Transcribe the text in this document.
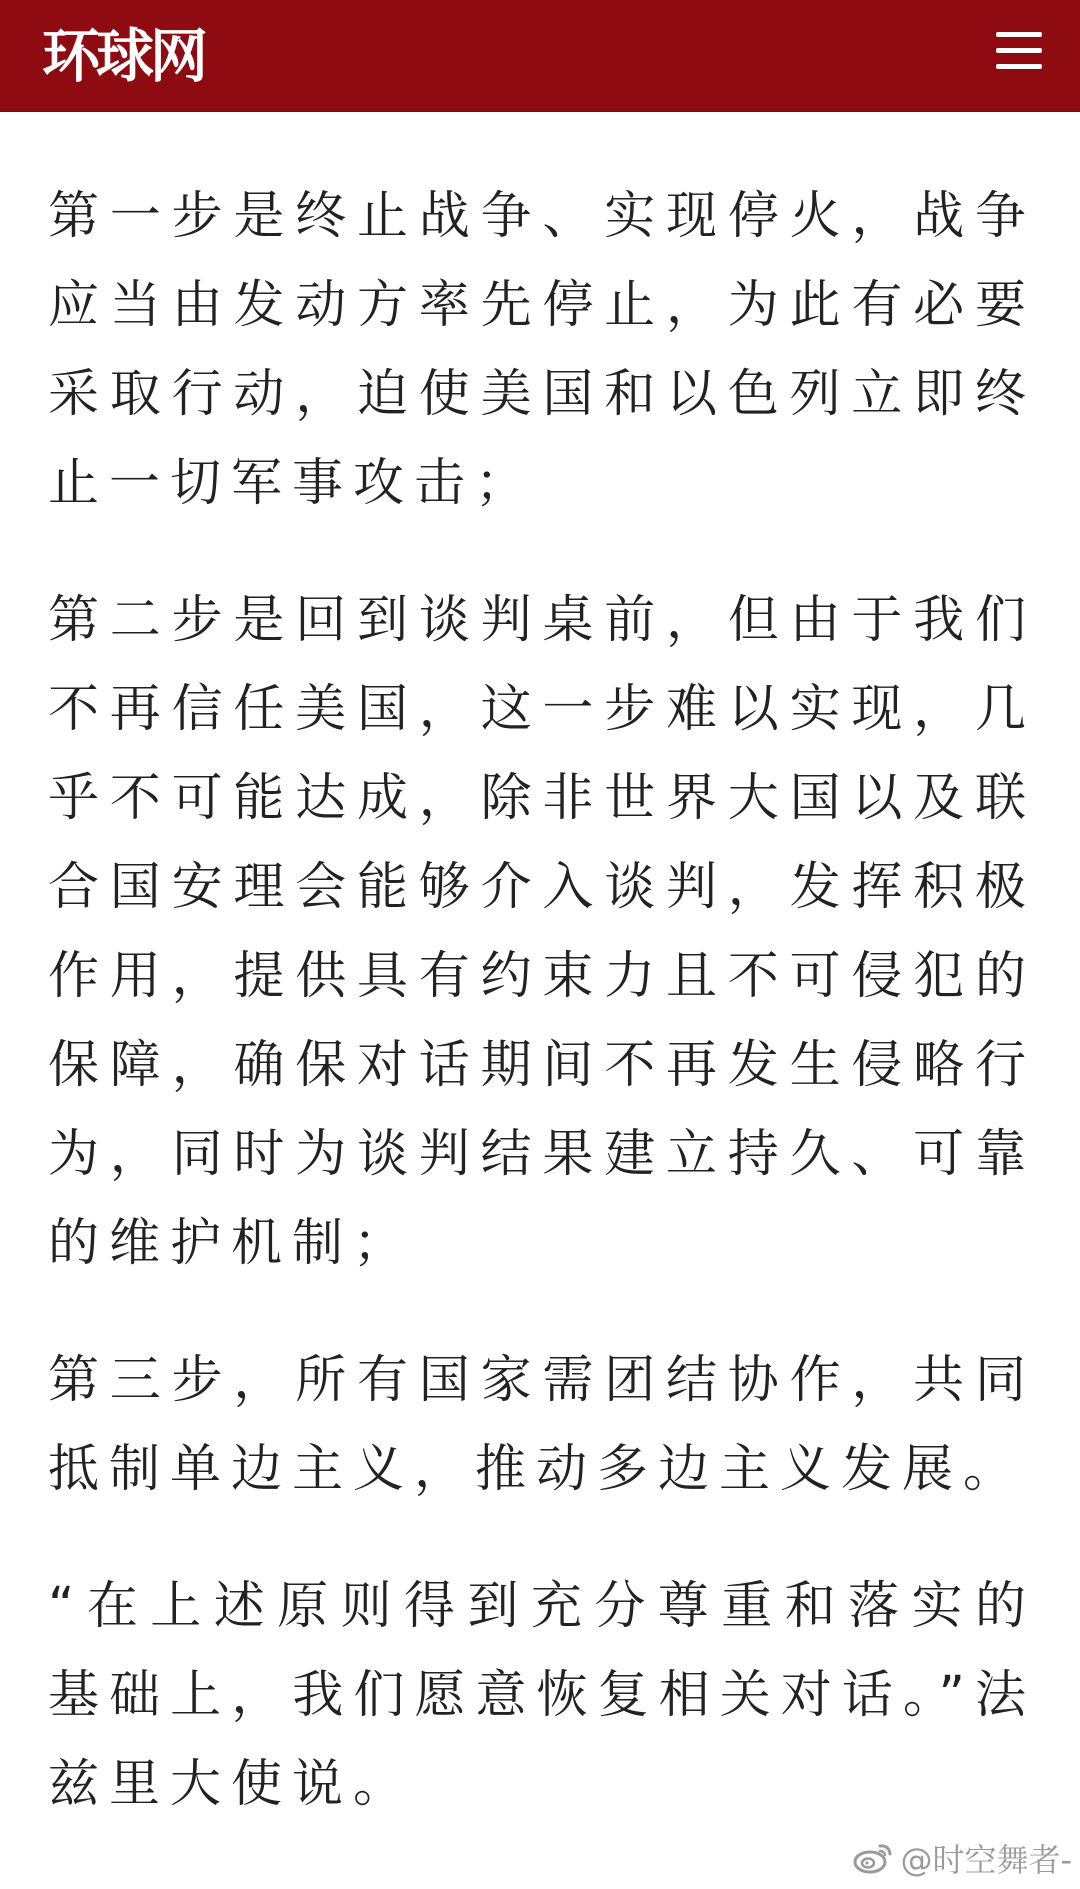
环球网

第一步是终止战争、实现停火，战争应当由发动方率先停止，为此有必要采取行动，迫使美国和以色列立即终止一切军事攻击；

第二步是回到谈判桌前，但由于我们不再信任美国，这一步难以实现，几乎不可能达成，除非世界大国以及联合国安理会能够介入谈判，发挥积极作用，提供具有约束力且不可侵犯的保障，确保对话期间不再发生侵略行为，同时为谈判结果建立持久、可靠的维护机制；

第三步，所有国家需团结协作，共同抵制单边主义，推动多边主义发展。

“在上述原则得到充分尊重和落实的基础上，我们愿意恢复相关对话。”法兹里大使说。

@时空舞者-
